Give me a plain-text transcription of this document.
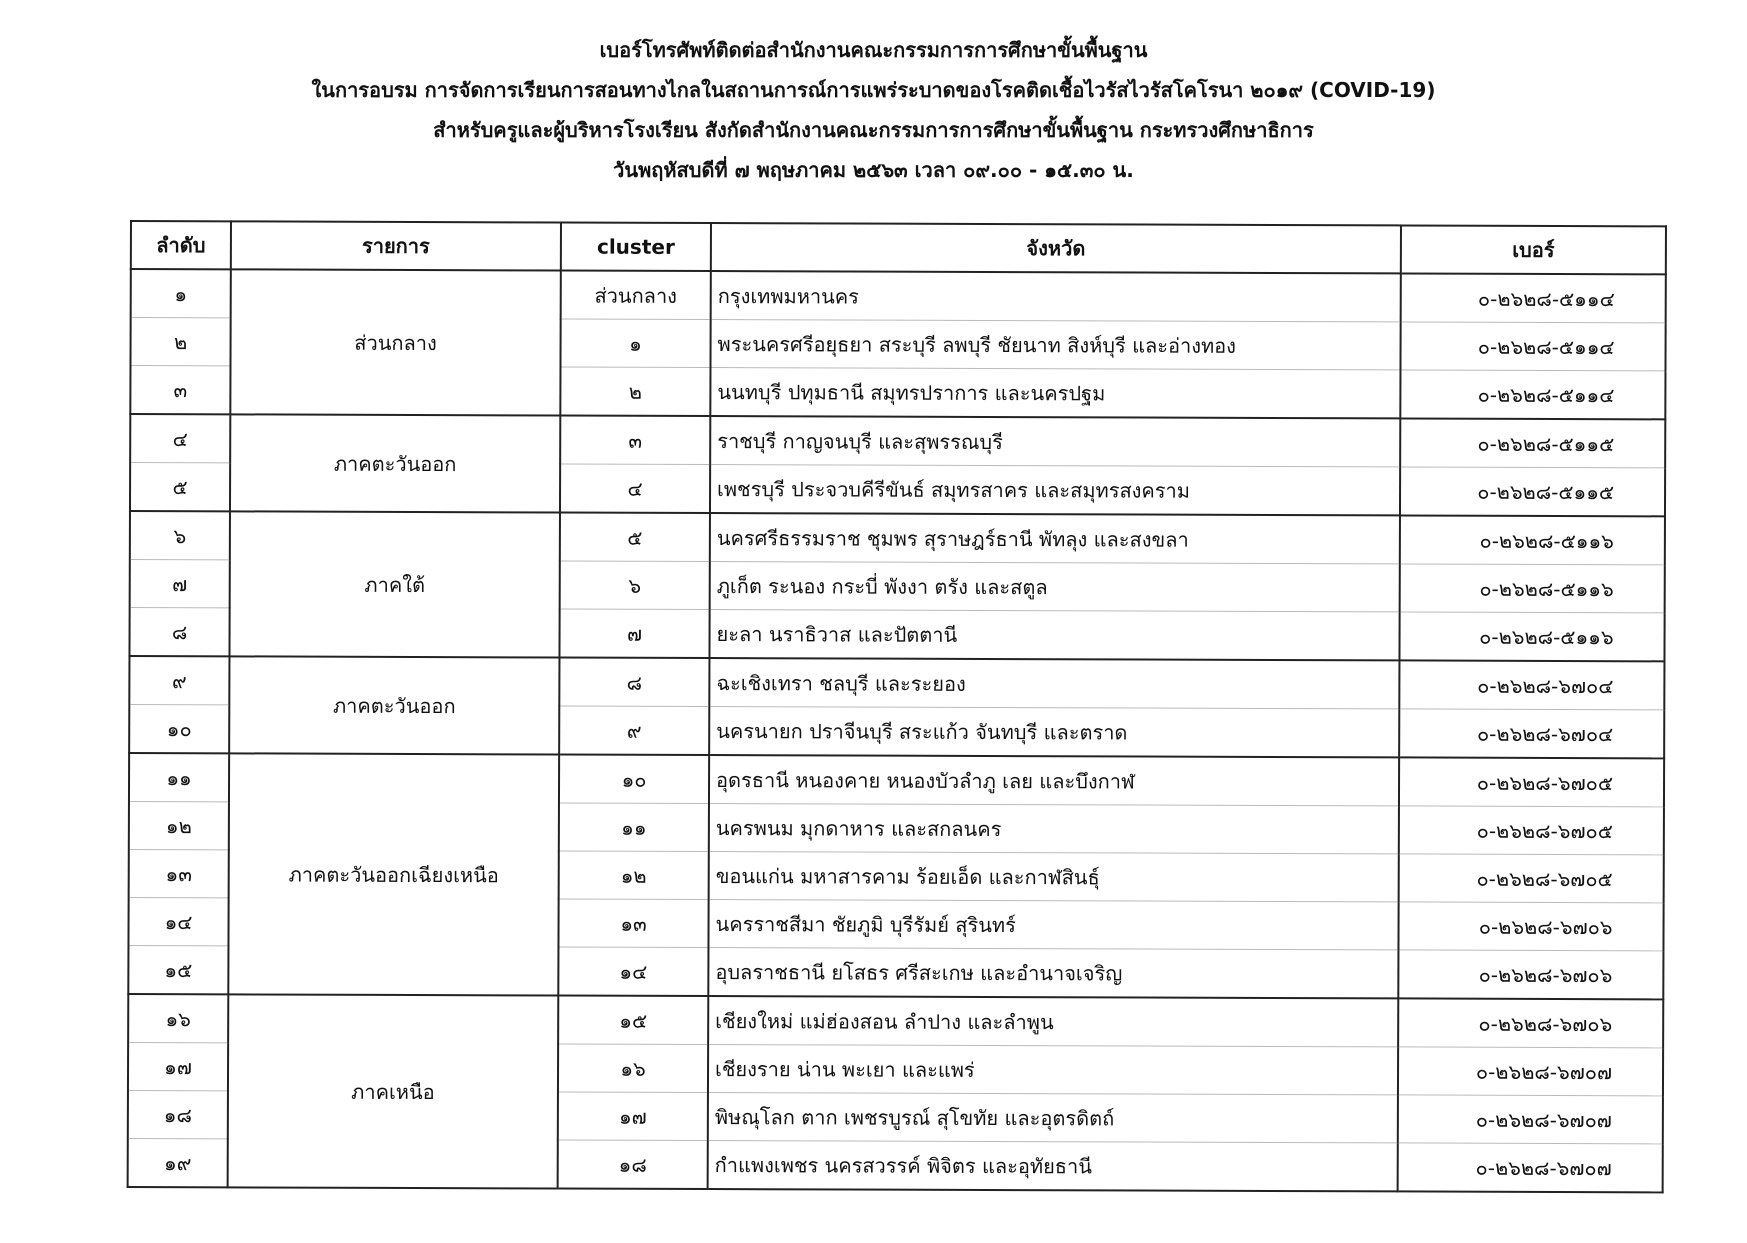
เบอร์โทรศัพท์ติดต่อสำนักงานคณะกรรมการการศึกษาขั้นพื้นฐาน
ในการอบรม การจัดการเรียนการสอนทางไกลในสถานการณ์การแพร่ระบาดของโรคติดเชื้อไวรัสไวรัสโคโรนา ๒๐๑๙ (COVID-19)
สำหรับครูและผู้บริหารโรงเรียน สังกัดสำนักงานคณะกรรมการการศึกษาขั้นพื้นฐาน กระทรวงศึกษาธิการ
วันพฤหัสบดีที่ ๗ พฤษภาคม ๒๕๖๓ เวลา ๐๙.๐๐ - ๑๕.๓๐ น.
ลำดับ	รายการ	cluster	จังหวัด	เบอร์
๑	ส่วนกลาง	ส่วนกลาง	กรุงเทพมหานคร	๐-๒๖๒๘-๕๑๑๔
๒		๑	พระนครศรีอยุธยา สระบุรี ลพบุรี ชัยนาท สิงห์บุรี และอ่างทอง	๐-๒๖๒๘-๕๑๑๔
๓		๒	นนทบุรี ปทุมธานี สมุทรปราการ และนครปฐม	๐-๒๖๒๘-๕๑๑๔
๔	ภาคตะวันออก	๓	ราชบุรี กาญจนบุรี และสุพรรณบุรี	๐-๒๖๒๘-๕๑๑๕
๕		๔	เพชรบุรี ประจวบคีรีขันธ์ สมุทรสาคร และสมุทรสงคราม	๐-๒๖๒๘-๕๑๑๕
๖	ภาคใต้	๕	นครศรีธรรมราช ชุมพร สุราษฎร์ธานี พัทลุง และสงขลา	๐-๒๖๒๘-๕๑๑๖
๗		๖	ภูเก็ต ระนอง กระบี่ พังงา ตรัง และสตูล	๐-๒๖๒๘-๕๑๑๖
๘		๗	ยะลา นราธิวาส และปัตตานี	๐-๒๖๒๘-๕๑๑๖
๙	ภาคตะวันออก	๘	ฉะเชิงเทรา ชลบุรี และระยอง	๐-๒๖๒๘-๖๗๐๔
๑๐		๙	นครนายก ปราจีนบุรี สระแก้ว จันทบุรี และตราด	๐-๒๖๒๘-๖๗๐๔
๑๑	ภาคตะวันออกเฉียงเหนือ	๑๐	อุดรธานี หนองคาย หนองบัวลำภู เลย และบึงกาฬ	๐-๒๖๒๘-๖๗๐๕
๑๒		๑๑	นครพนม มุกดาหาร และสกลนคร	๐-๒๖๒๘-๖๗๐๕
๑๓		๑๒	ขอนแก่น มหาสารคาม ร้อยเอ็ด และกาฬสินธุ์	๐-๒๖๒๘-๖๗๐๕
๑๔		๑๓	นครราชสีมา ชัยภูมิ บุรีรัมย์ สุรินทร์	๐-๒๖๒๘-๖๗๐๖
๑๕		๑๔	อุบลราชธานี ยโสธร ศรีสะเกษ และอำนาจเจริญ	๐-๒๖๒๘-๖๗๐๖
๑๖	ภาคเหนือ	๑๕	เชียงใหม่ แม่ฮ่องสอน ลำปาง และลำพูน	๐-๒๖๒๘-๖๗๐๖
๑๗		๑๖	เชียงราย น่าน พะเยา และแพร่	๐-๒๖๒๘-๖๗๐๗
๑๘		๑๗	พิษณุโลก ตาก เพชรบูรณ์ สุโขทัย และอุตรดิตถ์	๐-๒๖๒๘-๖๗๐๗
๑๙		๑๘	กำแพงเพชร นครสวรรค์ พิจิตร และอุทัยธานี	๐-๒๖๒๘-๖๗๐๗
